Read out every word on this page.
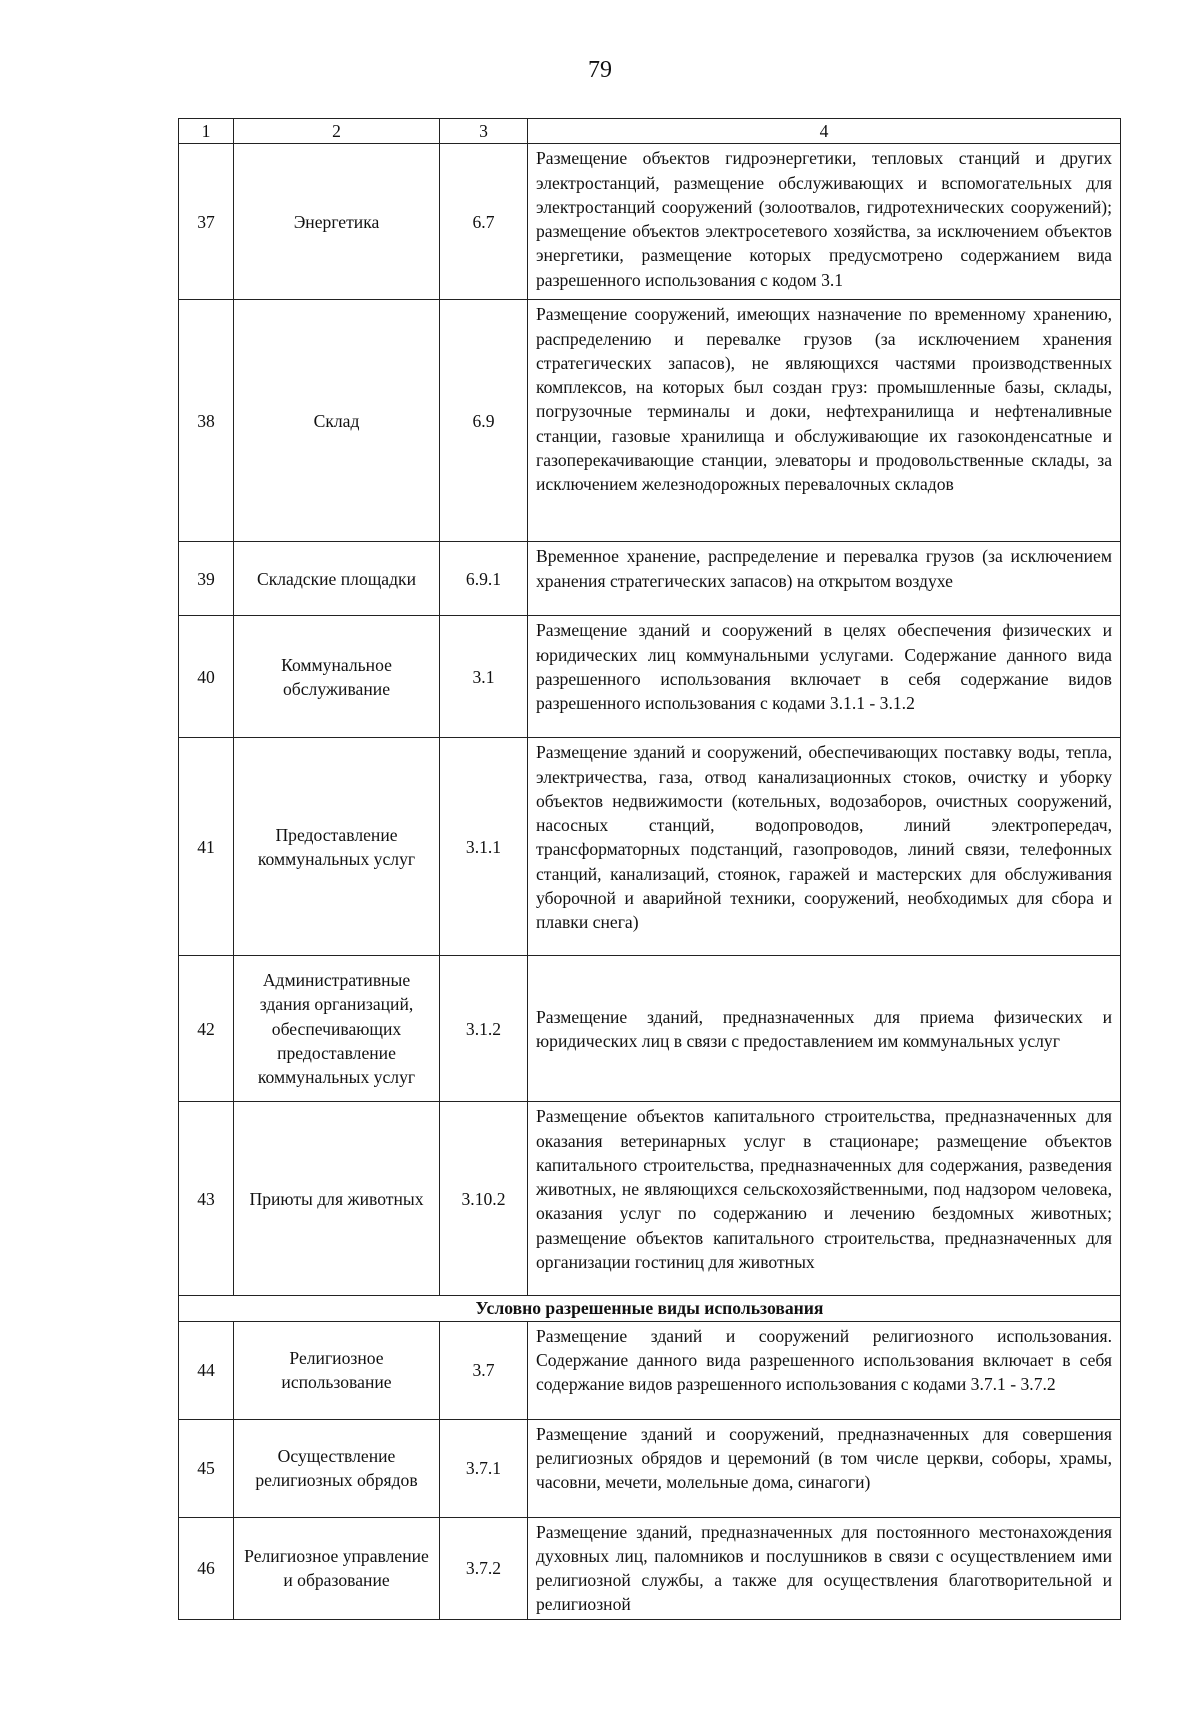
79
1	2	3	4
37	Энергетика	6.7	Размещение объектов гидроэнергетики, тепловых станций и других электростанций, размещение обслуживающих и вспомогательных для электростанций сооружений (золоотвалов, гидротехнических сооружений); размещение объектов электросетевого хозяйства, за исключением объектов энергетики, размещение которых предусмотрено содержанием вида разрешенного использования с кодом 3.1
38	Склад	6.9	Размещение сооружений, имеющих назначение по временному хранению, распределению и перевалке грузов (за исключением хранения стратегических запасов), не являющихся частями производственных комплексов, на которых был создан груз: промышленные базы, склады, погрузочные терминалы и доки, нефтехранилища и нефтеналивные станции, газовые хранилища и обслуживающие их газоконденсатные и газоперекачивающие станции, элеваторы и продовольственные склады, за исключением железнодорожных перевалочных складов
39	Складские площадки	6.9.1	Временное хранение, распределение и перевалка грузов (за исключением хранения стратегических запасов) на открытом воздухе
40	Коммунальное обслуживание	3.1	Размещение зданий и сооружений в целях обеспечения физических и юридических лиц коммунальными услугами. Содержание данного вида разрешенного использования включает в себя содержание видов разрешенного использования с кодами 3.1.1 - 3.1.2
41	Предоставление коммунальных услуг	3.1.1	Размещение зданий и сооружений, обеспечивающих поставку воды, тепла, электричества, газа, отвод канализационных стоков, очистку и уборку объектов недвижимости (котельных, водозаборов, очистных сооружений, насосных станций, водопроводов, линий электропередач, трансформаторных подстанций, газопроводов, линий связи, телефонных станций, канализаций, стоянок, гаражей и мастерских для обслуживания уборочной и аварийной техники, сооружений, необходимых для сбора и плавки снега)
42	Административные здания организаций, обеспечивающих предоставление коммунальных услуг	3.1.2	Размещение зданий, предназначенных для приема физических и юридических лиц в связи с предоставлением им коммунальных услуг
43	Приюты для животных	3.10.2	Размещение объектов капитального строительства, предназначенных для оказания ветеринарных услуг в стационаре; размещение объектов капитального строительства, предназначенных для содержания, разведения животных, не являющихся сельскохозяйственными, под надзором человека, оказания услуг по содержанию и лечению бездомных животных; размещение объектов капитального строительства, предназначенных для организации гостиниц для животных
Условно разрешенные виды использования			
44	Религиозное использование	3.7	Размещение зданий и сооружений религиозного использования. Содержание данного вида разрешенного использования включает в себя содержание видов разрешенного использования с кодами 3.7.1 - 3.7.2
45	Осуществление религиозных обрядов	3.7.1	Размещение зданий и сооружений, предназначенных для совершения религиозных обрядов и церемоний (в том числе церкви, соборы, храмы, часовни, мечети, молельные дома, синагоги)
46	Религиозное управление и образование	3.7.2	Размещение зданий, предназначенных для постоянного местонахождения духовных лиц, паломников и послушников в связи с осуществлением ими религиозной службы, а также для осуществления благотворительной и религиозной
